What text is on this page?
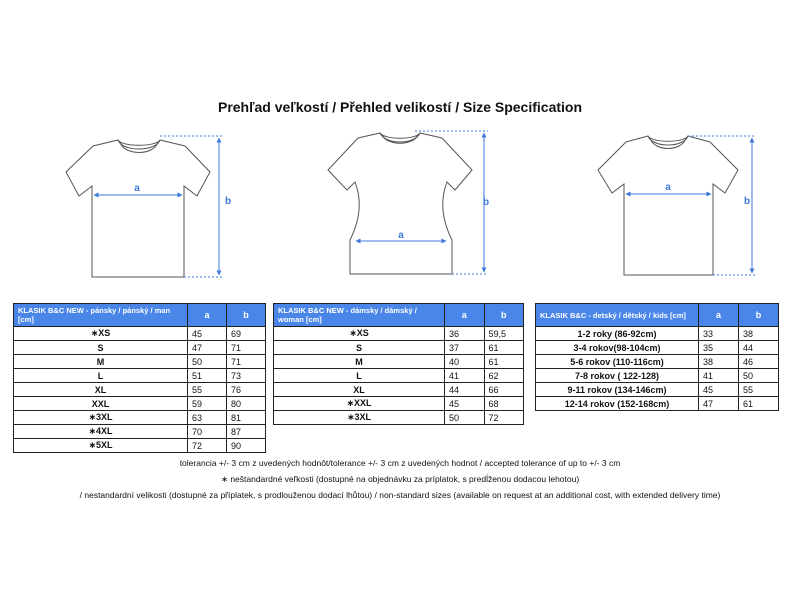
Prehľad veľkostí / Přehled velikostí / Size Specification
a
b
a
b
a
b
KLASIK B&C NEW - pánsky / pánský / man [cm]	a	b
∗XS	45	69
S	47	71
M	50	71
L	51	73
XL	55	76
XXL	59	80
∗3XL	63	81
∗4XL	70	87
∗5XL	72	90
KLASIK B&C NEW - dámsky / dámský / woman [cm]	a	b
∗XS	36	59,5
S	37	61
M	40	61
L	41	62
XL	44	66
∗XXL	45	68
∗3XL	50	72
KLASIK B&C - detský / dětský / kids [cm]	a	b
1-2 roky (86-92cm)	33	38
3-4 rokov(98-104cm)	35	44
5-6 rokov (110-116cm)	38	46
7-8 rokov ( 122-128)	41	50
9-11 rokov (134-146cm)	45	55
12-14 rokov (152-168cm)	47	61
tolerancia +/- 3 cm z uvedených hodnôt/tolerance +/- 3 cm z uvedených hodnot / accepted tolerance of up to +/- 3 cm
∗ neštandardné veľkosti (dostupné na objednávku za príplatok, s predĺženou dodacou lehotou)
/ nestandardní velikosti (dostupné za příplatek, s prodlouženou dodací lhůtou) / non-standard sizes (available on request at an additional cost, with extended delivery time)
